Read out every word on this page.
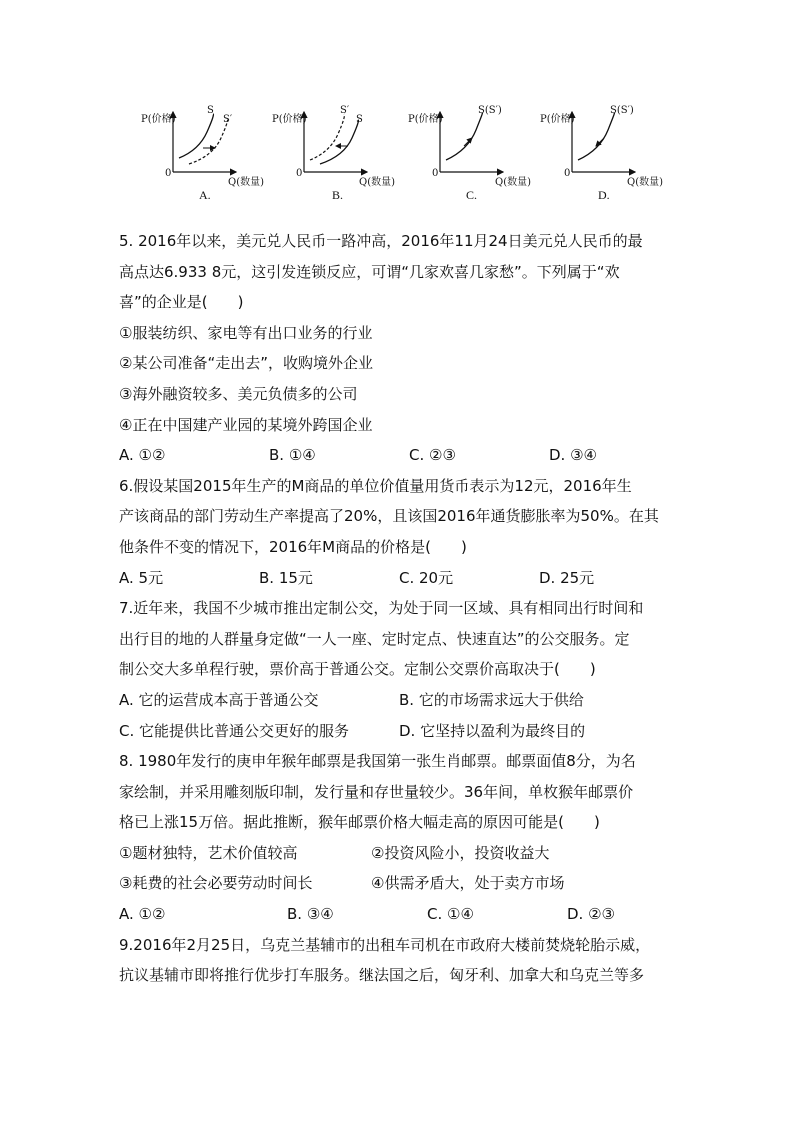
P(价格)
S
S′
0
Q(数量)
A.
P(价格)
S′
S
0
Q(数量)
B.
P(价格)
S(S′)
0
Q(数量)
C.
P(价格)
S(S′)
0
Q(数量)
D.
5. 2016年以来，美元兑人民币一路冲高，2016年11月24日美元兑人民币的最
高点达6.933 8元，这引发连锁反应，可谓“几家欢喜几家愁”。下列属于“欢
喜”的企业是(　　)
①服装纺织、家电等有出口业务的行业
②某公司准备“走出去”，收购境外企业
③海外融资较多、美元负债多的公司
④正在中国建产业园的某境外跨国企业
A. ①②	B. ①④	C. ②③	D. ③④
6.假设某国2015年生产的M商品的单位价值量用货币表示为12元，2016年生
产该商品的部门劳动生产率提高了20%，且该国2016年通货膨胀率为50%。在其
他条件不变的情况下，2016年M商品的价格是(　　)
A. 5元	B. 15元	C. 20元	D. 25元
7.近年来，我国不少城市推出定制公交，为处于同一区域、具有相同出行时间和
出行目的地的人群量身定做“一人一座、定时定点、快速直达”的公交服务。定
制公交大多单程行驶，票价高于普通公交。定制公交票价高取决于(　　)
A. 它的运营成本高于普通公交	B. 它的市场需求远大于供给
C. 它能提供比普通公交更好的服务	D. 它坚持以盈利为最终目的
8. 1980年发行的庚申年猴年邮票是我国第一张生肖邮票。邮票面值8分，为名
家绘制，并采用雕刻版印制，发行量和存世量较少。36年间，单枚猴年邮票价
格已上涨15万倍。据此推断，猴年邮票价格大幅走高的原因可能是(　　)
①题材独特，艺术价值较高	②投资风险小，投资收益大
③耗费的社会必要劳动时间长	④供需矛盾大，处于卖方市场
A. ①②	B. ③④	C. ①④	D. ②③
9.2016年2月25日，乌克兰基辅市的出租车司机在市政府大楼前焚烧轮胎示威，
抗议基辅市即将推行优步打车服务。继法国之后，匈牙利、加拿大和乌克兰等多
